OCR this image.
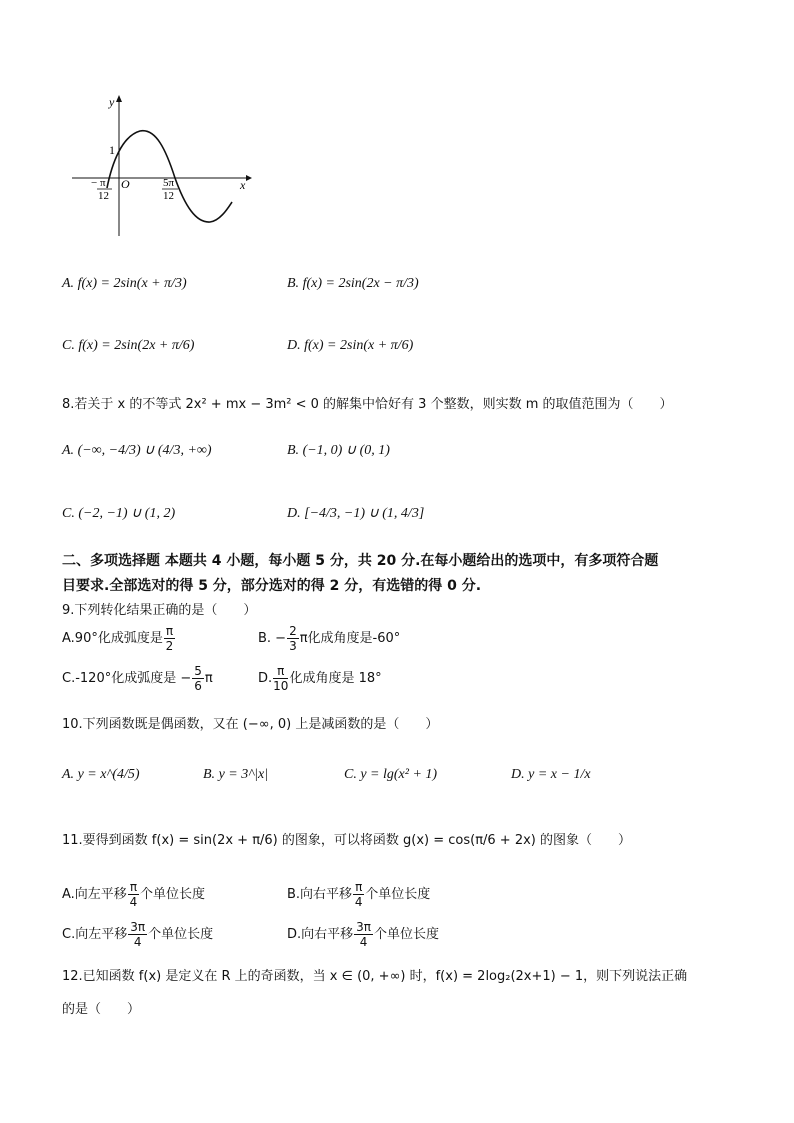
y
x
O
1
− π
12
5π
12
A. f(x) = 2sin(x + π/3)	B. f(x) = 2sin(2x − π/3)
C. f(x) = 2sin(2x + π/6)	D. f(x) = 2sin(x + π/6)
8.若关于 x 的不等式 2x² + mx − 3m² < 0 的解集中恰好有 3 个整数，则实数 m 的取值范围为（　　）
A. (−∞, −4/3) ∪ (4/3, +∞)	B. (−1, 0) ∪ (0, 1)
C. (−2, −1) ∪ (1, 2)	D. [−4/3, −1) ∪ (1, 4/3]
二、多项选择题 本题共 4 小题，每小题 5 分，共 20 分.在每小题给出的选项中，有多项符合题
目要求.全部选对的得 5 分，部分选对的得 2 分，有选错的得 0 分.
9.下列转化结果正确的是（　　）
A.90°化成弧度是 $\frac{\pi}{2}$	B. − $\frac{2}{3}$ π化成角度是-60°
C.-120°化成弧度是 − $\frac{5}{6}$ π	D. $\frac{\pi}{10}$ 化成角度是 18°
10.下列函数既是偶函数，又在 (−∞, 0) 上是减函数的是（　　）
A. y = x^(4/5)	B. y = 3^|x|	C. y = lg(x² + 1)	D. y = x − 1/x
11.要得到函数 f(x) = sin(2x + π/6) 的图象，可以将函数 g(x) = cos(π/6 + 2x) 的图象（　　）
A.向左平移 $\frac{\pi}{4}$ 个单位长度	B.向右平移 $\frac{\pi}{4}$ 个单位长度
C.向左平移 $\frac{3\pi}{4}$ 个单位长度	D.向右平移 $\frac{3\pi}{4}$ 个单位长度
12.已知函数 f(x) 是定义在 R 上的奇函数，当 x ∈ (0, +∞) 时，f(x) = 2log₂(2x+1) − 1，则下列说法正确
的是（　　）
